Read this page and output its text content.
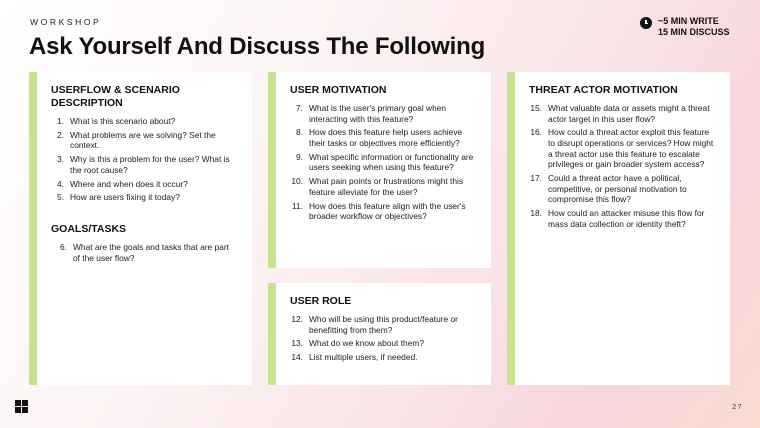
WORKSHOP
Ask Yourself And Discuss The Following
~5 MIN WRITE
15 MIN DISCUSS
USERFLOW & SCENARIO DESCRIPTION
1. What is this scenario about?
2. What problems are we solving? Set the context.
3. Why is this a problem for the user? What is the root cause?
4. Where and when does it occur?
5. How are users fixing it today?
GOALS/TASKS
6. What are the goals and tasks that are part of the user flow?
USER MOTIVATION
7. What is the user's primary goal when interacting with this feature?
8. How does this feature help users achieve their tasks or objectives more efficiently?
9. What specific information or functionality are users seeking when using this feature?
10. What pain points or frustrations might this feature alleviate for the user?
11. How does this feature align with the user's broader workflow or objectives?
USER ROLE
12. Who will be using this product/feature or benefitting from them?
13. What do we know about them?
14. List multiple users, if needed.
THREAT ACTOR MOTIVATION
15. What valuable data or assets might a threat actor target in this user flow?
16. How could a threat actor exploit this feature to disrupt operations or services? How might a threat actor use this feature to escalate privileges or gain broader system access?
17. Could a threat actor have a political, competitive, or personal motivation to compromise this flow?
18. How could an attacker misuse this flow for mass data collection or identity theft?
27
